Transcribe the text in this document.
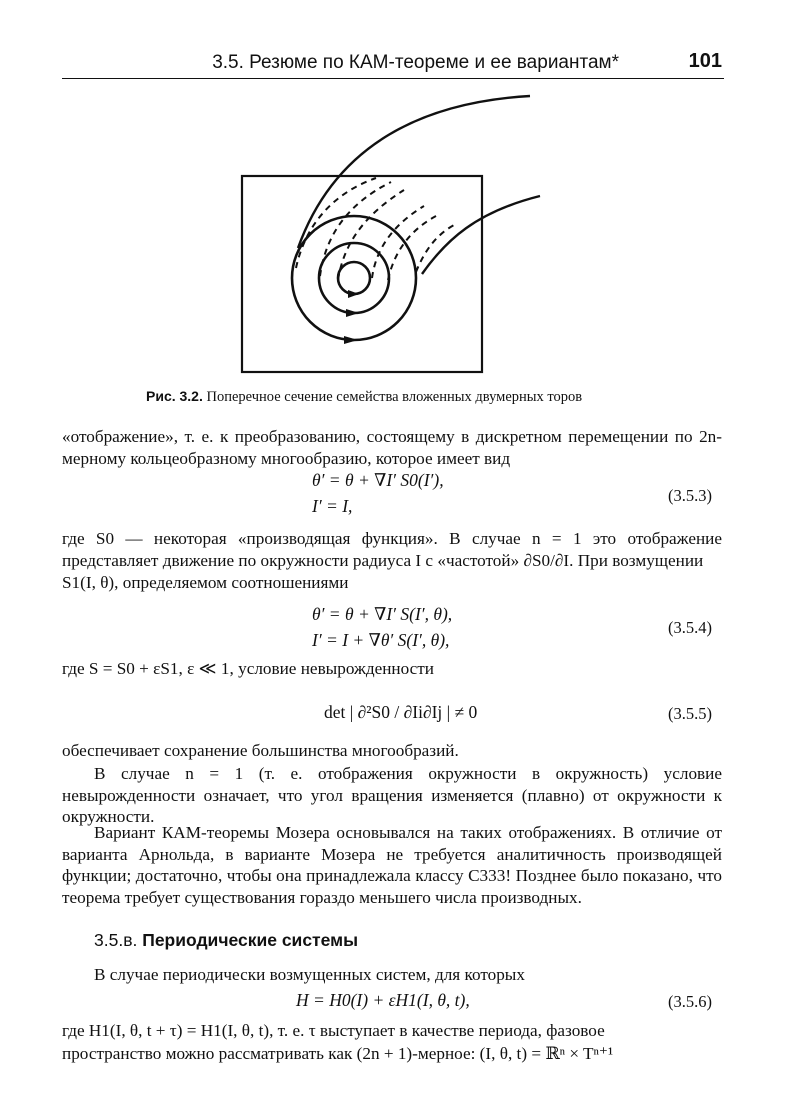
3.5. Резюме по КАМ-теореме и ее вариантам*	101
Рис. 3.2. Поперечное сечение семейства вложенных двумерных торов
«отображение», т. е. к преобразованию, состоящему в дискретном перемещении по 2n-мерному кольцеобразному многообразию, которое имеет вид
θ′ = θ + ∇I′ S0(I′),
I′ = I,
(3.5.3)
где S0 — некоторая «производящая функция». В случае n = 1 это отображение представляет движение по окружности радиуса I с «частотой» ∂S0/∂I. При возмущении
S1(I, θ), определяемом соотношениями
θ′ = θ + ∇I′ S(I′, θ),
I′ = I + ∇θ′ S(I′, θ),
(3.5.4)
где S = S0 + εS1, ε ≪ 1, условие невырожденности
det | ∂²S0 / ∂Ii∂Ij | ≠ 0	(3.5.5)
обеспечивает сохранение большинства многообразий.
В случае n = 1 (т. е. отображения окружности в окружность) условие невырожденности означает, что угол вращения изменяется (плавно) от окружности к окружности.
Вариант КАМ-теоремы Мозера основывался на таких отображениях. В отличие от варианта Арнольда, в варианте Мозера не требуется аналитичность производящей функции; достаточно, чтобы она принадлежала классу C333! Позднее было показано, что теорема требует существования гораздо меньшего числа производных.
3.5.в. Периодические системы
В случае периодически возмущенных систем, для которых
H = H0(I) + εH1(I, θ, t),	(3.5.6)
где H1(I, θ, t + τ) = H1(I, θ, t), т. е. τ выступает в качестве периода, фазовое
пространство можно рассматривать как (2n + 1)-мерное: (I, θ, t) = ℝⁿ × Tⁿ⁺¹
